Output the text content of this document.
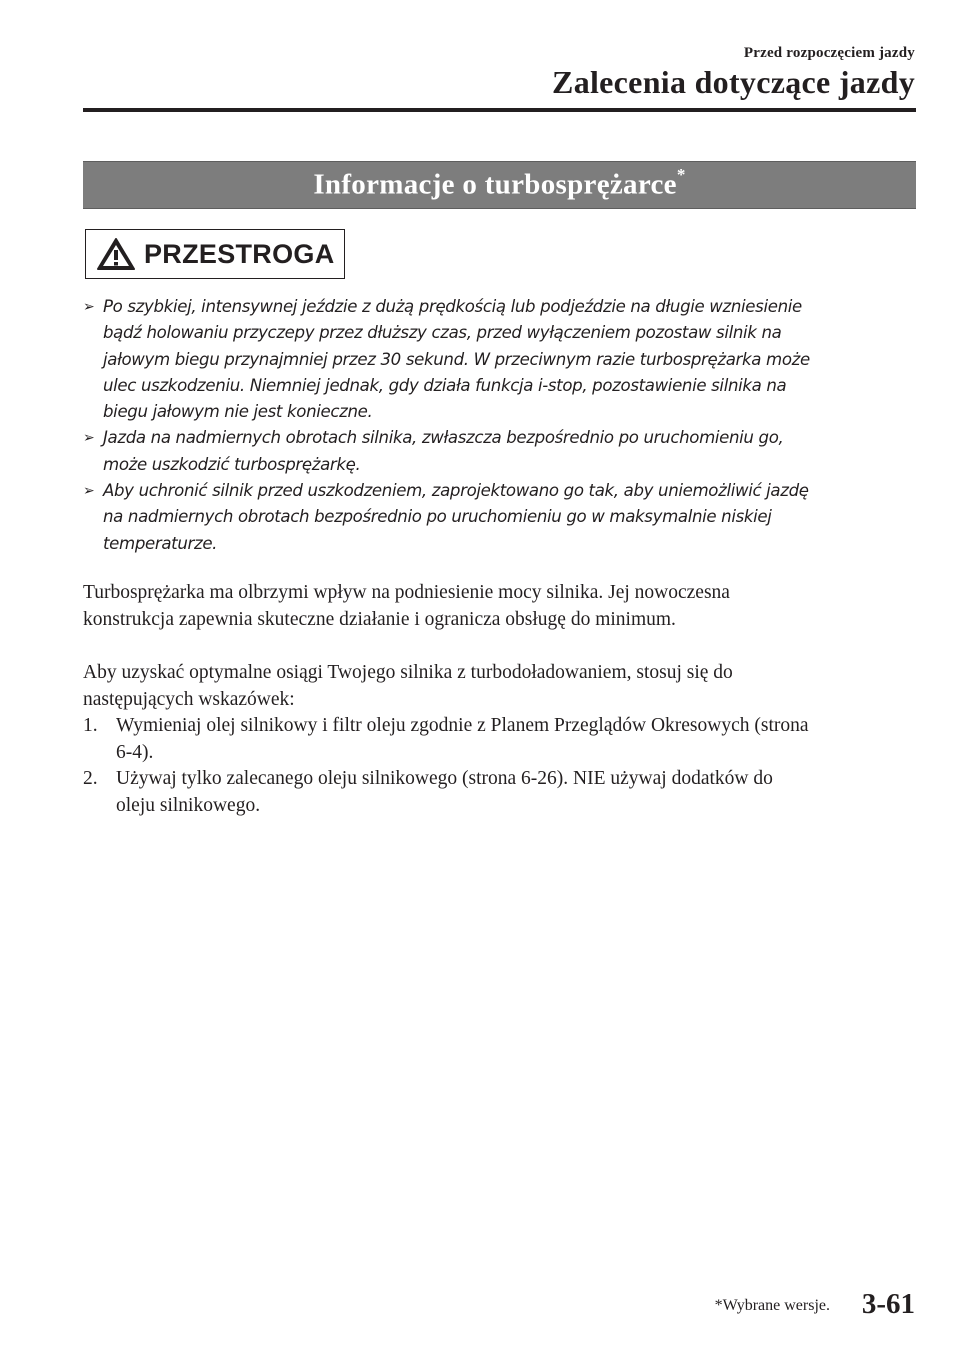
Przed rozpoczęciem jazdy
Zalecenia dotyczące jazdy
Informacje o turbosprężarce*
PRZESTROGA
➢ Po szybkiej, intensywnej jeździe z dużą prędkością lub podjeździe na długie wzniesienie
bądź holowaniu przyczepy przez dłuższy czas, przed wyłączeniem pozostaw silnik na
jałowym biegu przynajmniej przez 30 sekund. W przeciwnym razie turbosprężarka może
ulec uszkodzeniu. Niemniej jednak, gdy działa funkcja i-stop, pozostawienie silnika na
biegu jałowym nie jest konieczne.
➢ Jazda na nadmiernych obrotach silnika, zwłaszcza bezpośrednio po uruchomieniu go,
może uszkodzić turbosprężarkę.
➢ Aby uchronić silnik przed uszkodzeniem, zaprojektowano go tak, aby uniemożliwić jazdę
na nadmiernych obrotach bezpośrednio po uruchomieniu go w maksymalnie niskiej
temperaturze.
Turbosprężarka ma olbrzymi wpływ na podniesienie mocy silnika. Jej nowoczesna
konstrukcja zapewnia skuteczne działanie i ogranicza obsługę do minimum.
Aby uzyskać optymalne osiągi Twojego silnika z turbodoładowaniem, stosuj się do
następujących wskazówek:
1. Wymieniaj olej silnikowy i filtr oleju zgodnie z Planem Przeglądów Okresowych (strona
6-4).
2. Używaj tylko zalecanego oleju silnikowego (strona 6-26). NIE używaj dodatków do
oleju silnikowego.
*Wybrane wersje. 3-61
